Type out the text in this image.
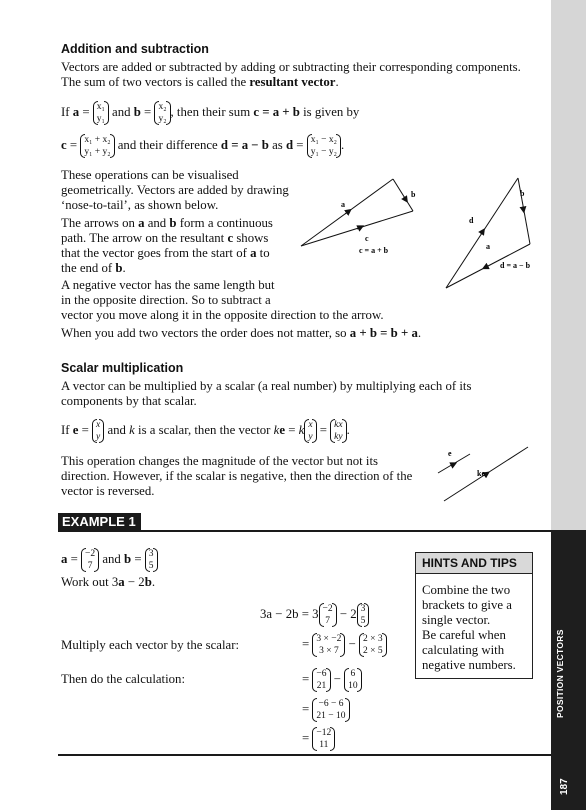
187
Addition and subtraction
Vectors are added or subtracted by adding or subtracting their corresponding components.
The sum of two vectors is called the resultant vector.
If a = x₁
y₁
and b = x₂
y₂
, then their sum c = a + b is given by
c = x₁ + x₂
y₁ + y₂
and their difference d = a − b as d = x₁ − x₂
y₁ − y₂
.
These operations can be visualised
geometrically. Vectors are added by drawing
‘nose-to-tail’, as shown below.
The arrows on a and b form a continuous
path. The arrow on the resultant c shows
that the vector goes from the start of a to
the end of b.
A negative vector has the same length but
in the opposite direction. So to subtract a
vector you move along it in the opposite direction to the arrow.
When you add two vectors the order does not matter, so a + b = b + a.
a
b
c
c = a + b
d
b
a
d = a − b
Scalar multiplication
A vector can be multiplied by a scalar (a real number) by multiplying each of its
components by that scalar.
If e = x
y
and k is a scalar, then the vector ke = k x
y
= kx
ky
.
This operation changes the magnitude of the vector but not its
direction. However, if the scalar is negative, then the direction of the
vector is reversed.
e
ke
EXAMPLE 1
a = −2
7
and b = 3
5
Work out 3a − 2b.
3a − 2b = 3 −2
7
− 2 3
5
Multiply each vector by the scalar:	= 3 × −2
3 × 7
− 2 × 3
2 × 5
Then do the calculation:	= −6
21
− 6
10
= −6 − 6
21 − 10
= −12
11
HINTS AND TIPS
Combine the two
brackets to give a
single vector.
Be careful when
calculating with
negative numbers.
